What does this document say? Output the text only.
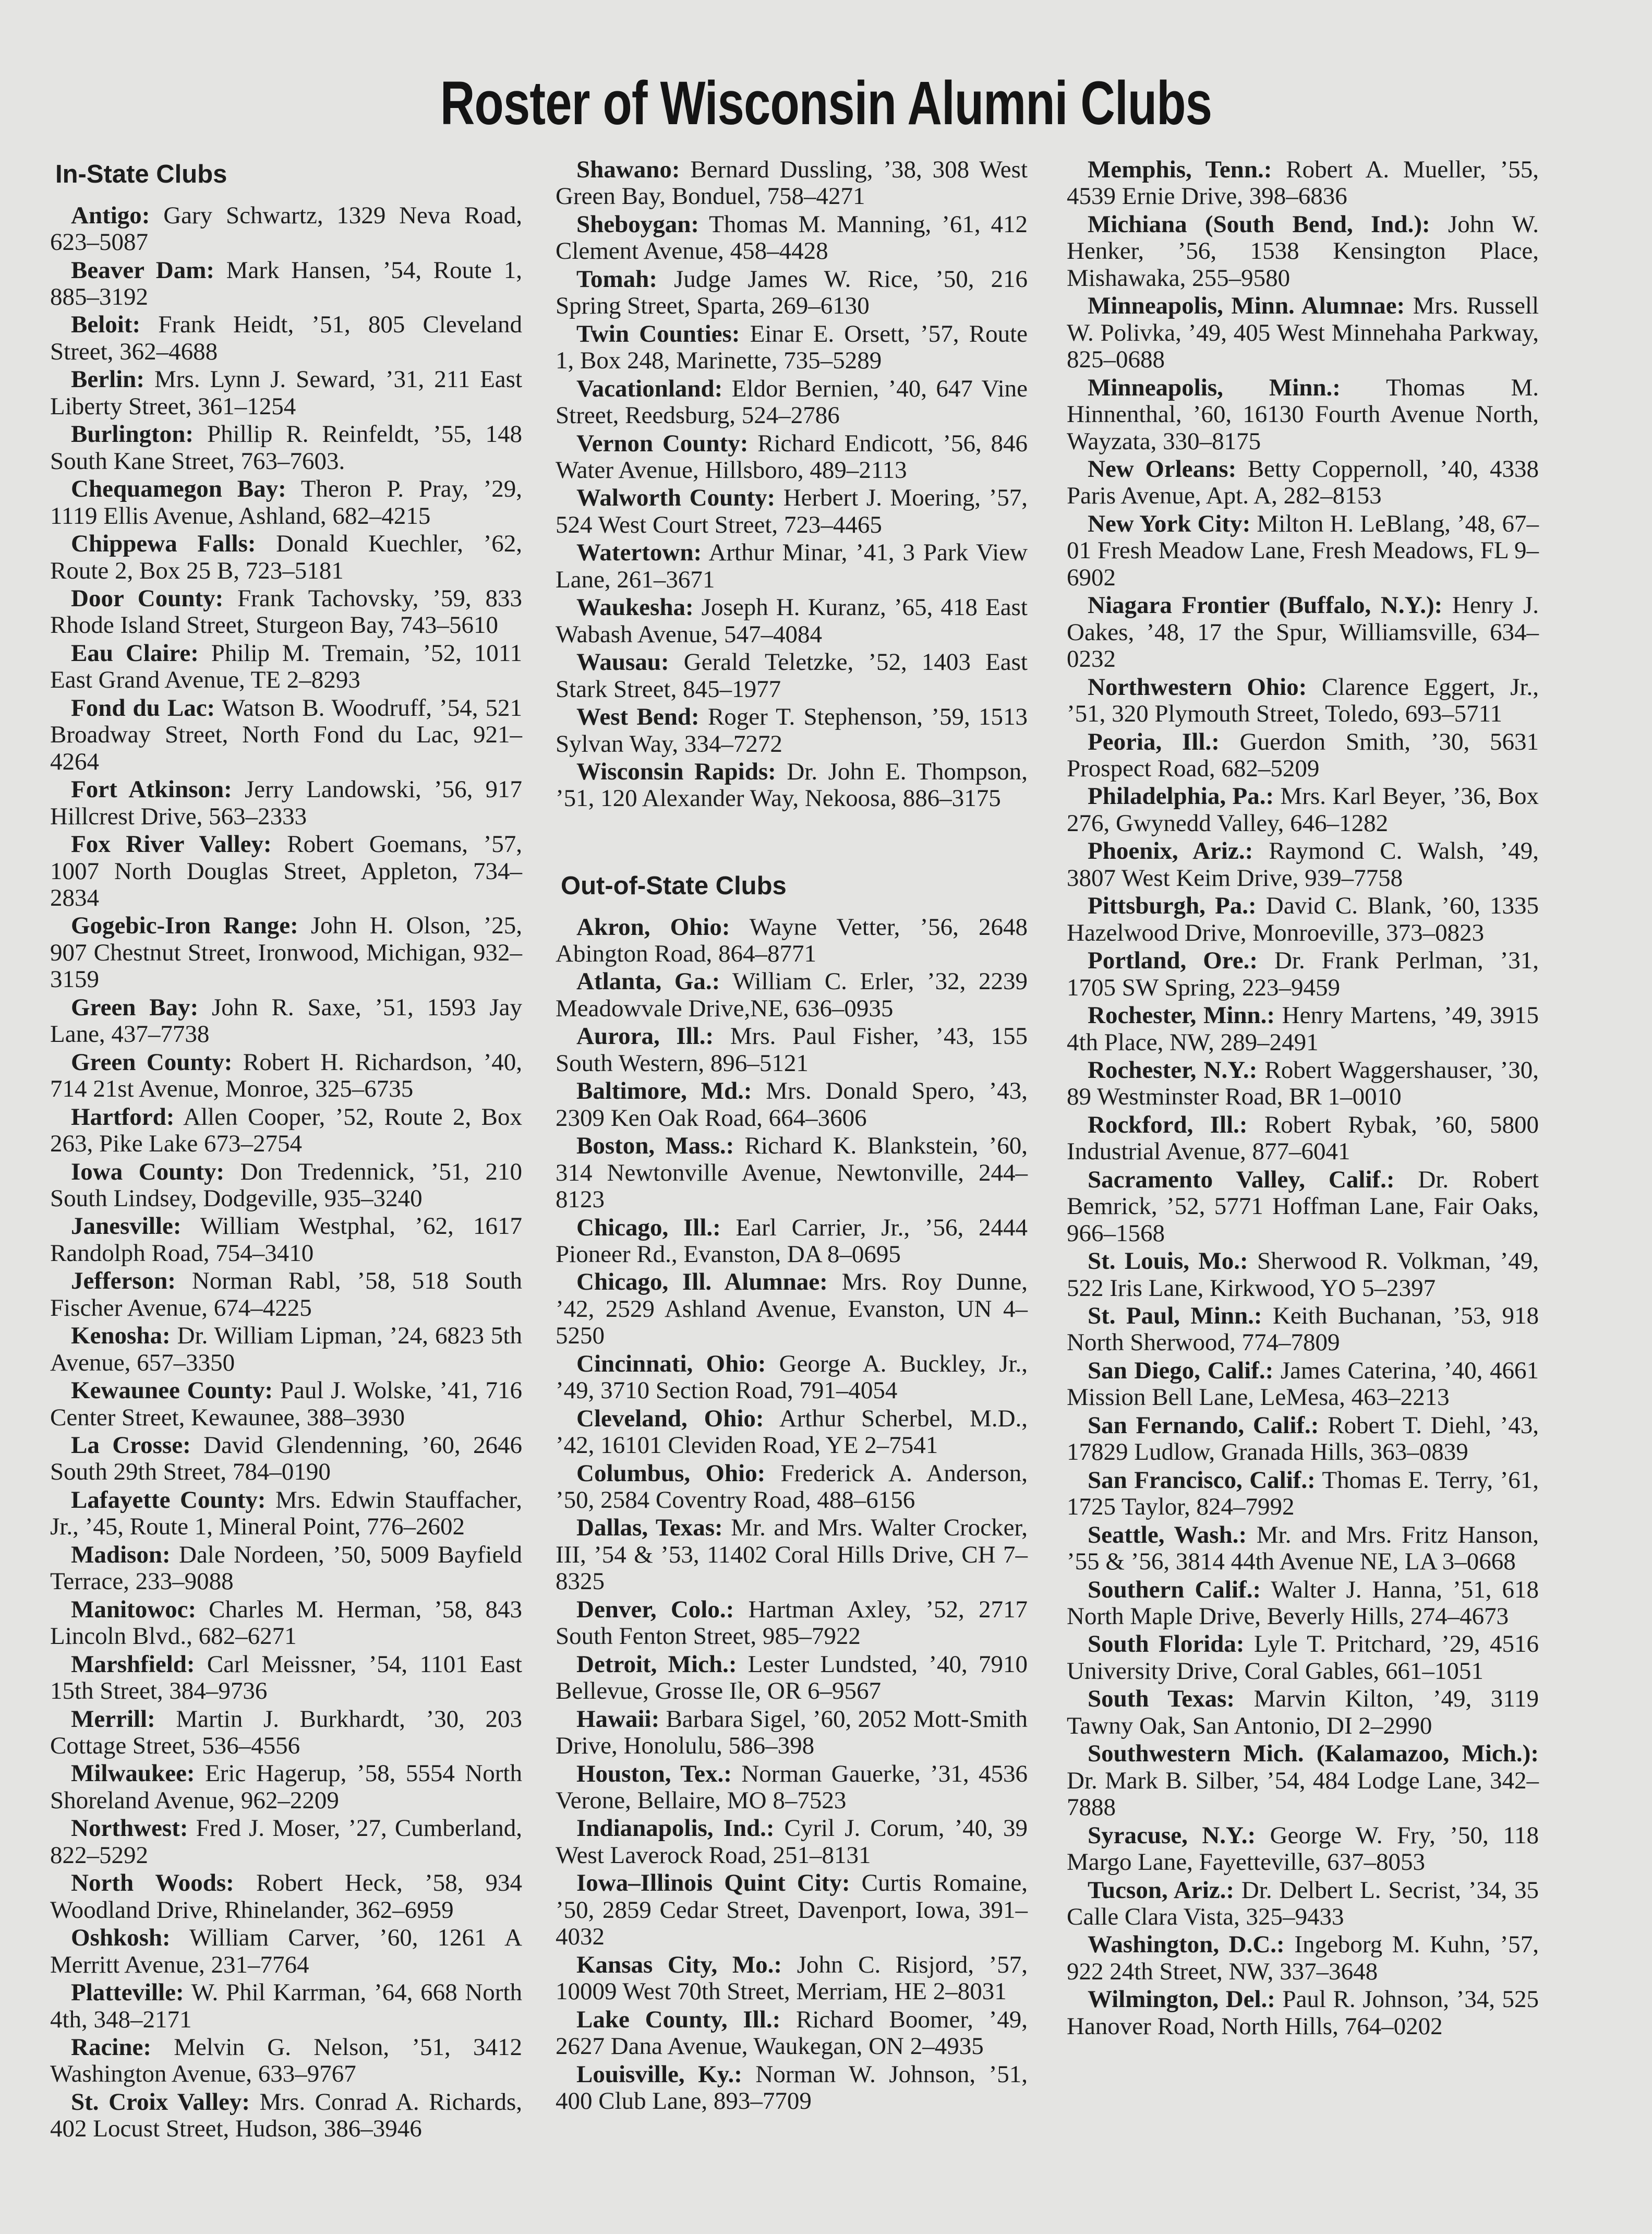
Roster of Wisconsin Alumni Clubs
In-State Clubs

Antigo: Gary Schwartz, 1329 Neva Road, 623–5087

Beaver Dam: Mark Hansen, ’54, Route 1, 885–3192

Beloit: Frank Heidt, ’51, 805 Cleveland Street, 362–4688

Berlin: Mrs. Lynn J. Seward, ’31, 211 East Liberty Street, 361–1254

Burlington: Phillip R. Reinfeldt, ’55, 148 South Kane Street, 763–7603.

Chequamegon Bay: Theron P. Pray, ’29, 1119 Ellis Avenue, Ashland, 682–4215

Chippewa Falls: Donald Kuechler, ’62, Route 2, Box 25 B, 723–5181

Door County: Frank Tachovsky, ’59, 833 Rhode Island Street, Sturgeon Bay, 743–5610

Eau Claire: Philip M. Tremain, ’52, 1011 East Grand Avenue, TE 2–8293

Fond du Lac: Watson B. Woodruff, ’54, 521 Broadway Street, North Fond du Lac, 921–4264

Fort Atkinson: Jerry Landowski, ’56, 917 Hillcrest Drive, 563–2333

Fox River Valley: Robert Goemans, ’57, 1007 North Douglas Street, Appleton, 734–2834

Gogebic-Iron Range: John H. Olson, ’25, 907 Chestnut Street, Ironwood, Michigan, 932–3159

Green Bay: John R. Saxe, ’51, 1593 Jay Lane, 437–7738

Green County: Robert H. Richardson, ’40, 714 21st Avenue, Monroe, 325–6735

Hartford: Allen Cooper, ’52, Route 2, Box 263, Pike Lake 673–2754

Iowa County: Don Tredennick, ’51, 210 South Lindsey, Dodgeville, 935–3240

Janesville: William Westphal, ’62, 1617 Randolph Road, 754–3410

Jefferson: Norman Rabl, ’58, 518 South Fischer Avenue, 674–4225

Kenosha: Dr. William Lipman, ’24, 6823 5th Avenue, 657–3350

Kewaunee County: Paul J. Wolske, ’41, 716 Center Street, Kewaunee, 388–3930

La Crosse: David Glendenning, ’60, 2646 South 29th Street, 784–0190

Lafayette County: Mrs. Edwin Stauffacher, Jr., ’45, Route 1, Mineral Point, 776–2602

Madison: Dale Nordeen, ’50, 5009 Bayfield Terrace, 233–9088

Manitowoc: Charles M. Herman, ’58, 843 Lincoln Blvd., 682–6271

Marshfield: Carl Meissner, ’54, 1101 East 15th Street, 384–9736

Merrill: Martin J. Burkhardt, ’30, 203 Cottage Street, 536–4556

Milwaukee: Eric Hagerup, ’58, 5554 North Shoreland Avenue, 962–2209

Northwest: Fred J. Moser, ’27, Cumberland, 822–5292

North Woods: Robert Heck, ’58, 934 Woodland Drive, Rhinelander, 362–6959

Oshkosh: William Carver, ’60, 1261 A Merritt Avenue, 231–7764

Platteville: W. Phil Karrman, ’64, 668 North 4th, 348–2171

Racine: Melvin G. Nelson, ’51, 3412 Washington Avenue, 633–9767

St. Croix Valley: Mrs. Conrad A. Richards, 402 Locust Street, Hudson, 386–3946

Shawano: Bernard Dussling, ’38, 308 West Green Bay, Bonduel, 758–4271

Sheboygan: Thomas M. Manning, ’61, 412 Clement Avenue, 458–4428

Tomah: Judge James W. Rice, ’50, 216 Spring Street, Sparta, 269–6130

Twin Counties: Einar E. Orsett, ’57, Route 1, Box 248, Marinette, 735–5289

Vacationland: Eldor Bernien, ’40, 647 Vine Street, Reedsburg, 524–2786

Vernon County: Richard Endicott, ’56, 846 Water Avenue, Hillsboro, 489–2113

Walworth County: Herbert J. Moering, ’57, 524 West Court Street, 723–4465

Watertown: Arthur Minar, ’41, 3 Park View Lane, 261–3671

Waukesha: Joseph H. Kuranz, ’65, 418 East Wabash Avenue, 547–4084

Wausau: Gerald Teletzke, ’52, 1403 East Stark Street, 845–1977

West Bend: Roger T. Stephenson, ’59, 1513 Sylvan Way, 334–7272

Wisconsin Rapids: Dr. John E. Thompson, ’51, 120 Alexander Way, Nekoosa, 886–3175

Out-of-State Clubs

Akron, Ohio: Wayne Vetter, ’56, 2648 Abington Road, 864–8771

Atlanta, Ga.: William C. Erler, ’32, 2239 Meadowvale Drive,NE, 636–0935

Aurora, Ill.: Mrs. Paul Fisher, ’43, 155 South Western, 896–5121

Baltimore, Md.: Mrs. Donald Spero, ’43, 2309 Ken Oak Road, 664–3606

Boston, Mass.: Richard K. Blankstein, ’60, 314 Newtonville Avenue, Newtonville, 244–8123

Chicago, Ill.: Earl Carrier, Jr., ’56, 2444 Pioneer Rd., Evanston, DA 8–0695

Chicago, Ill. Alumnae: Mrs. Roy Dunne, ’42, 2529 Ashland Avenue, Evanston, UN 4–5250

Cincinnati, Ohio: George A. Buckley, Jr., ’49, 3710 Section Road, 791–4054

Cleveland, Ohio: Arthur Scherbel, M.D., ’42, 16101 Cleviden Road, YE 2–7541

Columbus, Ohio: Frederick A. Anderson, ’50, 2584 Coventry Road, 488–6156

Dallas, Texas: Mr. and Mrs. Walter Crocker, III, ’54 & ’53, 11402 Coral Hills Drive, CH 7–8325

Denver, Colo.: Hartman Axley, ’52, 2717 South Fenton Street, 985–7922

Detroit, Mich.: Lester Lundsted, ’40, 7910 Bellevue, Grosse Ile, OR 6–9567

Hawaii: Barbara Sigel, ’60, 2052 Mott-Smith Drive, Honolulu, 586–398

Houston, Tex.: Norman Gauerke, ’31, 4536 Verone, Bellaire, MO 8–7523

Indianapolis, Ind.: Cyril J. Corum, ’40, 39 West Laverock Road, 251–8131

Iowa–Illinois Quint City: Curtis Romaine, ’50, 2859 Cedar Street, Davenport, Iowa, 391–4032

Kansas City, Mo.: John C. Risjord, ’57, 10009 West 70th Street, Merriam, HE 2–8031

Lake County, Ill.: Richard Boomer, ’49, 2627 Dana Avenue, Waukegan, ON 2–4935

Louisville, Ky.: Norman W. Johnson, ’51, 400 Club Lane, 893–7709

Memphis, Tenn.: Robert A. Mueller, ’55, 4539 Ernie Drive, 398–6836

Michiana (South Bend, Ind.): John W. Henker, ’56, 1538 Kensington Place, Mishawaka, 255–9580

Minneapolis, Minn. Alumnae: Mrs. Russell W. Polivka, ’49, 405 West Minnehaha Parkway, 825–0688

Minneapolis, Minn.: Thomas M. Hinnenthal, ’60, 16130 Fourth Avenue North, Wayzata, 330–8175

New Orleans: Betty Coppernoll, ’40, 4338 Paris Avenue, Apt. A, 282–8153

New York City: Milton H. LeBlang, ’48, 67–01 Fresh Meadow Lane, Fresh Meadows, FL 9–6902

Niagara Frontier (Buffalo, N.Y.): Henry J. Oakes, ’48, 17 the Spur, Williamsville, 634–0232

Northwestern Ohio: Clarence Eggert, Jr., ’51, 320 Plymouth Street, Toledo, 693–5711

Peoria, Ill.: Guerdon Smith, ’30, 5631 Prospect Road, 682–5209

Philadelphia, Pa.: Mrs. Karl Beyer, ’36, Box 276, Gwynedd Valley, 646–1282

Phoenix, Ariz.: Raymond C. Walsh, ’49, 3807 West Keim Drive, 939–7758

Pittsburgh, Pa.: David C. Blank, ’60, 1335 Hazelwood Drive, Monroeville, 373–0823

Portland, Ore.: Dr. Frank Perlman, ’31, 1705 SW Spring, 223–9459

Rochester, Minn.: Henry Martens, ’49, 3915 4th Place, NW, 289–2491

Rochester, N.Y.: Robert Waggershauser, ’30, 89 Westminster Road, BR 1–0010

Rockford, Ill.: Robert Rybak, ’60, 5800 Industrial Avenue, 877–6041

Sacramento Valley, Calif.: Dr. Robert Bemrick, ’52, 5771 Hoffman Lane, Fair Oaks, 966–1568

St. Louis, Mo.: Sherwood R. Volkman, ’49, 522 Iris Lane, Kirkwood, YO 5–2397

St. Paul, Minn.: Keith Buchanan, ’53, 918 North Sherwood, 774–7809

San Diego, Calif.: James Caterina, ’40, 4661 Mission Bell Lane, LeMesa, 463–2213

San Fernando, Calif.: Robert T. Diehl, ’43, 17829 Ludlow, Granada Hills, 363–0839

San Francisco, Calif.: Thomas E. Terry, ’61, 1725 Taylor, 824–7992

Seattle, Wash.: Mr. and Mrs. Fritz Hanson, ’55 & ’56, 3814 44th Avenue NE, LA 3–0668

Southern Calif.: Walter J. Hanna, ’51, 618 North Maple Drive, Beverly Hills, 274–4673

South Florida: Lyle T. Pritchard, ’29, 4516 University Drive, Coral Gables, 661–1051

South Texas: Marvin Kilton, ’49, 3119 Tawny Oak, San Antonio, DI 2–2990

Southwestern Mich. (Kalamazoo, Mich.): Dr. Mark B. Silber, ’54, 484 Lodge Lane, 342–7888

Syracuse, N.Y.: George W. Fry, ’50, 118 Margo Lane, Fayetteville, 637–8053

Tucson, Ariz.: Dr. Delbert L. Secrist, ’34, 35 Calle Clara Vista, 325–9433

Washington, D.C.: Ingeborg M. Kuhn, ’57, 922 24th Street, NW, 337–3648

Wilmington, Del.: Paul R. Johnson, ’34, 525 Hanover Road, North Hills, 764–0202
